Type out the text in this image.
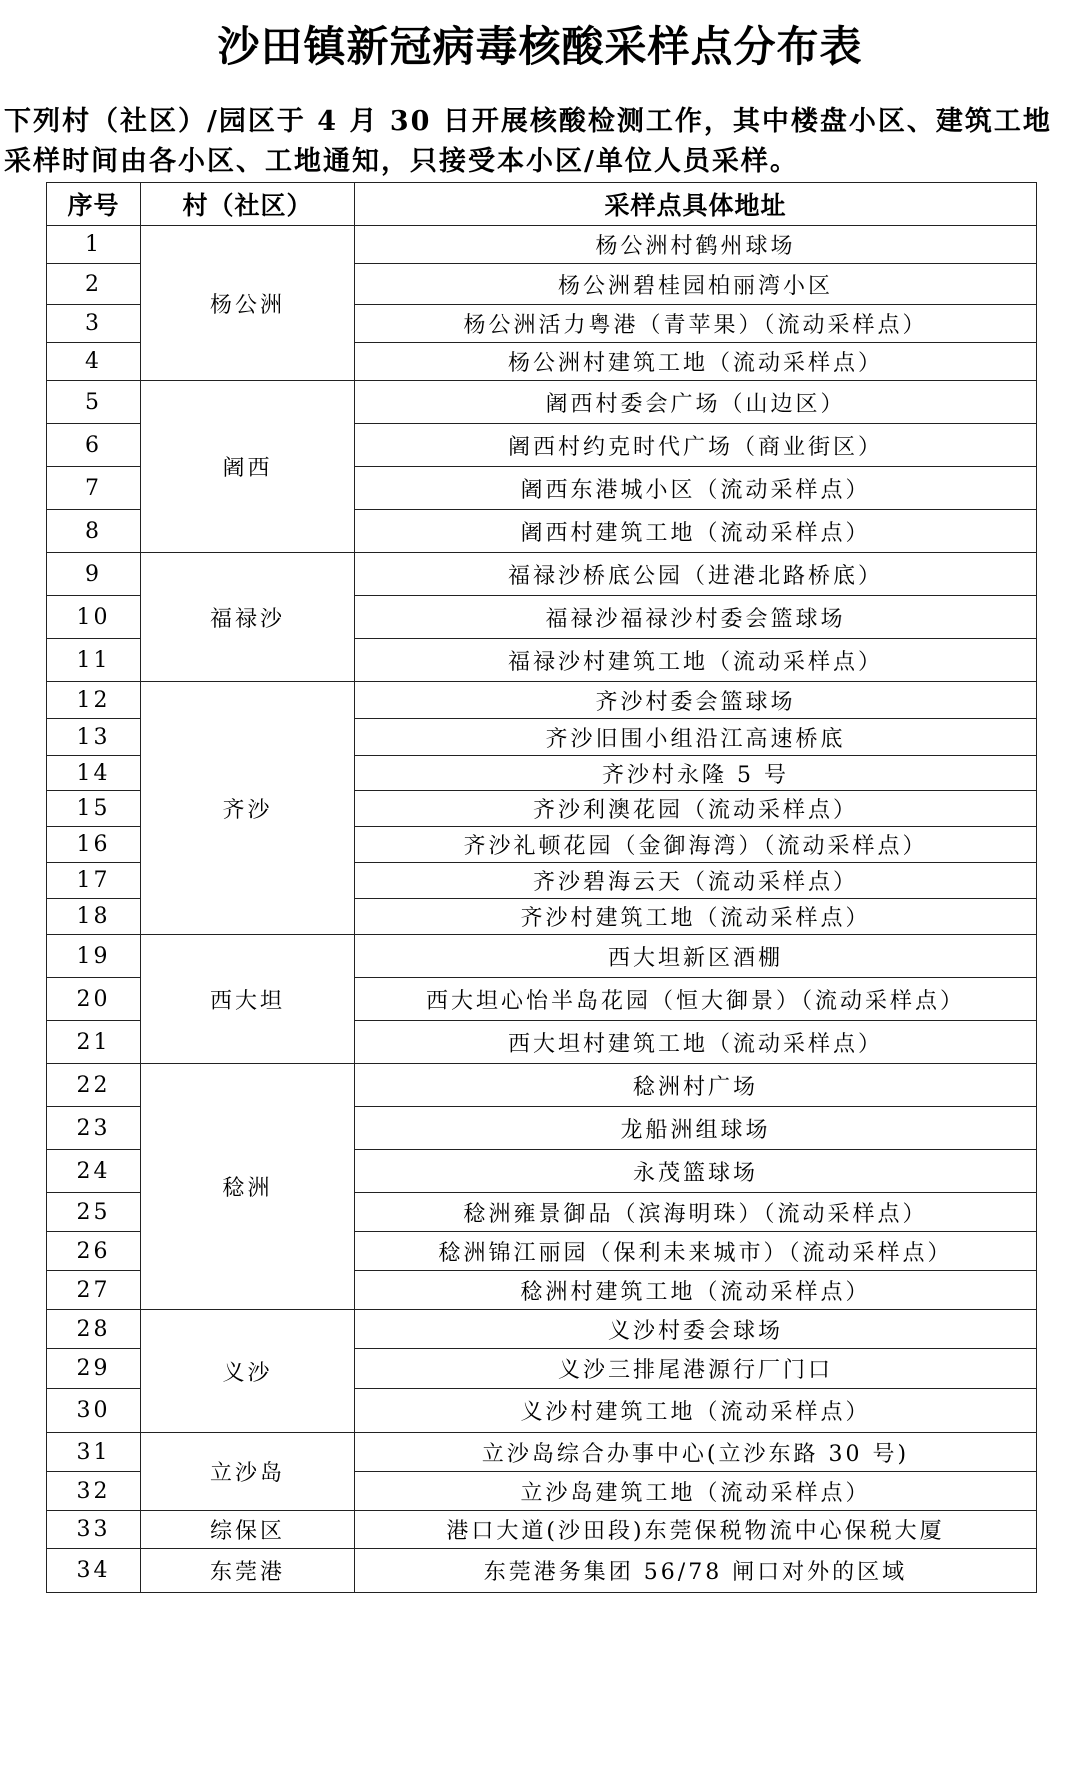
沙田镇新冠病毒核酸采样点分布表
下列村（社区）/园区于 4 月 30 日开展核酸检测工作，其中楼盘小区、建筑工地采样时间由各小区、工地通知，只接受本小区/单位人员采样。
序号	村（社区）	采样点具体地址
1	杨公洲	杨公洲村鹤州球场
2		杨公洲碧桂园柏丽湾小区
3		杨公洲活力粤港（青苹果）（流动采样点）
4		杨公洲村建筑工地（流动采样点）
5	阇西	阇西村委会广场（山边区）
6		阇西村约克时代广场（商业街区）
7		阇西东港城小区（流动采样点）
8		阇西村建筑工地（流动采样点）
9	福禄沙	福禄沙桥底公园（进港北路桥底）
10		福禄沙福禄沙村委会篮球场
11		福禄沙村建筑工地（流动采样点）
12	齐沙	齐沙村委会篮球场
13		齐沙旧围小组沿江高速桥底
14		齐沙村永隆 5 号
15		齐沙利澳花园（流动采样点）
16		齐沙礼顿花园（金御海湾）（流动采样点）
17		齐沙碧海云天（流动采样点）
18		齐沙村建筑工地（流动采样点）
19	西大坦	西大坦新区酒棚
20		西大坦心怡半岛花园（恒大御景）（流动采样点）
21		西大坦村建筑工地（流动采样点）
22	稔洲	稔洲村广场
23		龙船洲组球场
24		永茂篮球场
25		稔洲雍景御品（滨海明珠）（流动采样点）
26		稔洲锦江丽园（保利未来城市）（流动采样点）
27		稔洲村建筑工地（流动采样点）
28	义沙	义沙村委会球场
29		义沙三排尾港源行厂门口
30		义沙村建筑工地（流动采样点）
31	立沙岛	立沙岛综合办事中心(立沙东路 30 号)
32		立沙岛建筑工地（流动采样点）
33	综保区	港口大道(沙田段)东莞保税物流中心保税大厦
34	东莞港	东莞港务集团 56/78 闸口对外的区域
